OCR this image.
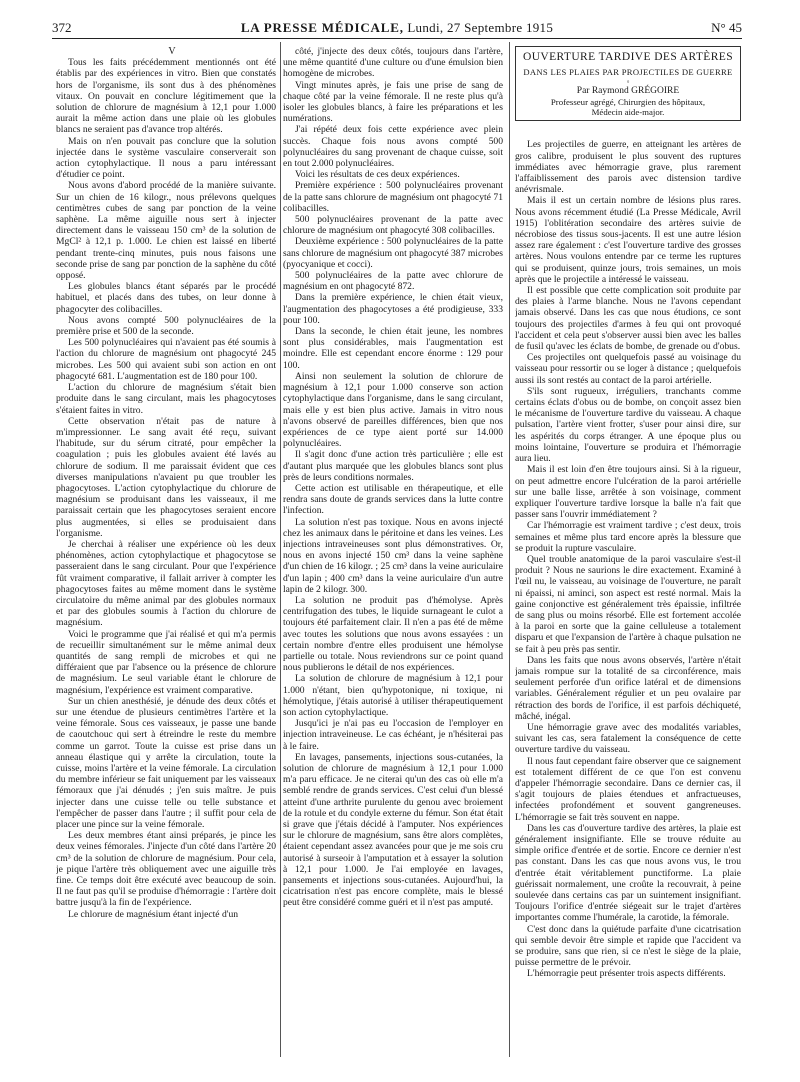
372	LA PRESSE MÉDICALE, Lundi, 27 Septembre 1915	N° 45

V

Tous les faits précédemment mentionnés ont été établis par des expériences in vitro. Bien que constatés hors de l'organisme, ils sont dus à des phénomènes vitaux. On pouvait en conclure légitimement que la solution de chlorure de magnésium à 12,1 pour 1.000 aurait la même action dans une plaie où les globules blancs ne seraient pas d'avance trop altérés.

Mais on n'en pouvait pas conclure que la solution injectée dans le système vasculaire conserverait son action cytophylactique. Il nous a paru intéressant d'étudier ce point.

Nous avons d'abord procédé de la manière suivante. Sur un chien de 16 kilogr., nous prélevons quelques centimètres cubes de sang par ponction de la veine saphène. La même aiguille nous sert à injecter directement dans le vaisseau 150 cm³ de la solution de MgCl² à 12,1 p. 1.000. Le chien est laissé en liberté pendant trente-cinq minutes, puis nous faisons une seconde prise de sang par ponction de la saphène du côté opposé.

Les globules blancs étant séparés par le procédé habituel, et placés dans des tubes, on leur donne à phagocyter des colibacilles.

Nous avons compté 500 polynucléaires de la première prise et 500 de la seconde.

Les 500 polynucléaires qui n'avaient pas été soumis à l'action du chlorure de magnésium ont phagocyté 245 microbes. Les 500 qui avaient subi son action en ont phagocyté 681. L'augmentation est de 180 pour 100.

L'action du chlorure de magnésium s'était bien produite dans le sang circulant, mais les phagocytoses s'étaient faites in vitro.

Cette observation n'était pas de nature à m'impressionner. Le sang avait été reçu, suivant l'habitude, sur du sérum citraté, pour empêcher la coagulation ; puis les globules avaient été lavés au chlorure de sodium. Il me paraissait évident que ces diverses manipulations n'avaient pu que troubler les phagocytoses. L'action cytophylactique du chlorure de magnésium se produisant dans les vaisseaux, il me paraissait certain que les phagocytoses seraient encore plus augmentées, si elles se produisaient dans l'organisme.

Je cherchai à réaliser une expérience où les deux phénomènes, action cytophylactique et phagocytose se passeraient dans le sang circulant. Pour que l'expérience fût vraiment comparative, il fallait arriver à compter les phagocytoses faites au même moment dans le système circulatoire du même animal par des globules normaux et par des globules soumis à l'action du chlorure de magnésium.

Voici le programme que j'ai réalisé et qui m'a permis de recueillir simultanément sur le même animal deux quantités de sang rempli de microbes et qui ne différaient que par l'absence ou la présence de chlorure de magnésium. Le seul variable étant le chlorure de magnésium, l'expérience est vraiment comparative.

Sur un chien anesthésié, je dénude des deux côtés et sur une étendue de plusieurs centimètres l'artère et la veine fémorale. Sous ces vaisseaux, je passe une bande de caoutchouc qui sert à étreindre le reste du membre comme un garrot. Toute la cuisse est prise dans un anneau élastique qui y arrête la circulation, toute la cuisse, moins l'artère et la veine fémorale. La circulation du membre inférieur se fait uniquement par les vaisseaux fémoraux que j'ai dénudés ; j'en suis maître. Je puis injecter dans une cuisse telle ou telle substance et l'empêcher de passer dans l'autre ; il suffit pour cela de placer une pince sur la veine fémorale.

Les deux membres étant ainsi préparés, je pince les deux veines fémorales. J'injecte d'un côté dans l'artère 20 cm³ de la solution de chlorure de magnésium. Pour cela, je pique l'artère très obliquement avec une aiguille très fine. Ce temps doit être exécuté avec beaucoup de soin. Il ne faut pas qu'il se produise d'hémorragie : l'artère doit battre jusqu'à la fin de l'expérience.

Le chlorure de magnésium étant injecté d'un

côté, j'injecte des deux côtés, toujours dans l'artère, une même quantité d'une culture ou d'une émulsion bien homogène de microbes.

Vingt minutes après, je fais une prise de sang de chaque côté par la veine fémorale. Il ne reste plus qu'à isoler les globules blancs, à faire les préparations et les numérations.

J'ai répété deux fois cette expérience avec plein succès. Chaque fois nous avons compté 500 polynucléaires du sang provenant de chaque cuisse, soit en tout 2.000 polynucléaires.

Voici les résultats de ces deux expériences.

Première expérience : 500 polynucléaires provenant de la patte sans chlorure de magnésium ont phagocyté 71 colibacilles.

500 polynucléaires provenant de la patte avec chlorure de magnésium ont phagocyté 308 colibacilles.

Deuxième expérience : 500 polynucléaires de la patte sans chlorure de magnésium ont phagocyté 387 microbes (pyocyanique et cocci).

500 polynucléaires de la patte avec chlorure de magnésium en ont phagocyté 872.

Dans la première expérience, le chien était vieux, l'augmentation des phagocytoses a été prodigieuse, 333 pour 100.

Dans la seconde, le chien était jeune, les nombres sont plus considérables, mais l'augmentation est moindre. Elle est cependant encore énorme : 129 pour 100.

Ainsi non seulement la solution de chlorure de magnésium à 12,1 pour 1.000 conserve son action cytophylactique dans l'organisme, dans le sang circulant, mais elle y est bien plus active. Jamais in vitro nous n'avons observé de pareilles différences, bien que nos expériences de ce type aient porté sur 14.000 polynucléaires.

Il s'agit donc d'une action très particulière ; elle est d'autant plus marquée que les globules blancs sont plus près de leurs conditions normales.

Cette action est utilisable en thérapeutique, et elle rendra sans doute de grands services dans la lutte contre l'infection.

La solution n'est pas toxique. Nous en avons injecté chez les animaux dans le péritoine et dans les veines. Les injections intraveineuses sont plus démonstratives. Or, nous en avons injecté 150 cm³ dans la veine saphène d'un chien de 16 kilogr. ; 25 cm³ dans la veine auriculaire d'un lapin ; 400 cm³ dans la veine auriculaire d'un autre lapin de 2 kilogr. 300.

La solution ne produit pas d'hémolyse. Après centrifugation des tubes, le liquide surnageant le culot a toujours été parfaitement clair. Il n'en a pas été de même avec toutes les solutions que nous avons essayées : un certain nombre d'entre elles produisent une hémolyse partielle ou totale. Nous reviendrons sur ce point quand nous publierons le détail de nos expériences.

La solution de chlorure de magnésium à 12,1 pour 1.000 n'étant, bien qu'hypotonique, ni toxique, ni hémolytique, j'étais autorisé à utiliser thérapeutiquement son action cytophylactique.

Jusqu'ici je n'ai pas eu l'occasion de l'employer en injection intraveineuse. Le cas échéant, je n'hésiterai pas à le faire.

En lavages, pansements, injections sous-cutanées, la solution de chlorure de magnésium à 12,1 pour 1.000 m'a paru efficace. Je ne citerai qu'un des cas où elle m'a semblé rendre de grands services. C'est celui d'un blessé atteint d'une arthrite purulente du genou avec broiement de la rotule et du condyle externe du fémur. Son état était si grave que j'étais décidé à l'amputer. Nos expériences sur le chlorure de magnésium, sans être alors complètes, étaient cependant assez avancées pour que je me sois cru autorisé à surseoir à l'amputation et à essayer la solution à 12,1 pour 1.000. Je l'ai employée en lavages, pansements et injections sous-cutanées. Aujourd'hui, la cicatrisation n'est pas encore complète, mais le blessé peut être considéré comme guéri et il n'est pas amputé.

OUVERTURE TARDIVE DES ARTÈRES
DANS LES PLAIES PAR PROJECTILES DE GUERRE
◦
Par Raymond GRÉGOIRE
Professeur agrégé, Chirurgien des hôpitaux,
Médecin aide-major.

Les projectiles de guerre, en atteignant les artères de gros calibre, produisent le plus souvent des ruptures immédiates avec hémorragie grave, plus rarement l'affaiblissement des parois avec distension tardive anévrismale.

Mais il est un certain nombre de lésions plus rares. Nous avons récemment étudié (La Presse Médicale, Avril 1915) l'oblitération secondaire des artères suivie de nécrobiose des tissus sous-jacents. Il est une autre lésion assez rare également : c'est l'ouverture tardive des grosses artères. Nous voulons entendre par ce terme les ruptures qui se produisent, quinze jours, trois semaines, un mois après que le projectile a intéressé le vaisseau.

Il est possible que cette complication soit produite par des plaies à l'arme blanche. Nous ne l'avons cependant jamais observé. Dans les cas que nous étudions, ce sont toujours des projectiles d'armes à feu qui ont provoqué l'accident et cela peut s'observer aussi bien avec les balles de fusil qu'avec les éclats de bombe, de grenade ou d'obus.

Ces projectiles ont quelquefois passé au voisinage du vaisseau pour ressortir ou se loger à distance ; quelquefois aussi ils sont restés au contact de la paroi artérielle.

S'ils sont rugueux, irréguliers, tranchants comme certains éclats d'obus ou de bombe, on conçoit assez bien le mécanisme de l'ouverture tardive du vaisseau. A chaque pulsation, l'artère vient frotter, s'user pour ainsi dire, sur les aspérités du corps étranger. A une époque plus ou moins lointaine, l'ouverture se produira et l'hémorragie aura lieu.

Mais il est loin d'en être toujours ainsi. Si à la rigueur, on peut admettre encore l'ulcération de la paroi artérielle sur une balle lisse, arrêtée à son voisinage, comment expliquer l'ouverture tardive lorsque la balle n'a fait que passer sans l'ouvrir immédiatement ?

Car l'hémorragie est vraiment tardive ; c'est deux, trois semaines et même plus tard encore après la blessure que se produit la rupture vasculaire.

Quel trouble anatomique de la paroi vasculaire s'est-il produit ? Nous ne saurions le dire exactement. Examiné à l'œil nu, le vaisseau, au voisinage de l'ouverture, ne paraît ni épaissi, ni aminci, son aspect est resté normal. Mais la gaine conjonctive est généralement très épaissie, infiltrée de sang plus ou moins résorbé. Elle est fortement accolée à la paroi en sorte que la gaine celluleuse a totalement disparu et que l'expansion de l'artère à chaque pulsation ne se fait à peu près pas sentir.

Dans les faits que nous avons observés, l'artère n'était jamais rompue sur la totalité de sa circonférence, mais seulement perforée d'un orifice latéral et de dimensions variables. Généralement régulier et un peu ovalaire par rétraction des bords de l'orifice, il est parfois déchiqueté, mâché, inégal.

Une hémorragie grave avec des modalités variables, suivant les cas, sera fatalement la conséquence de cette ouverture tardive du vaisseau.

Il nous faut cependant faire observer que ce saignement est totalement différent de ce que l'on est convenu d'appeler l'hémorragie secondaire. Dans ce dernier cas, il s'agit toujours de plaies étendues et anfractueuses, infectées profondément et souvent gangreneuses. L'hémorragie se fait très souvent en nappe.

Dans les cas d'ouverture tardive des artères, la plaie est généralement insignifiante. Elle se trouve réduite au simple orifice d'entrée et de sortie. Encore ce dernier n'est pas constant. Dans les cas que nous avons vus, le trou d'entrée était véritablement punctiforme. La plaie guérissait normalement, une croûte la recouvrait, à peine soulevée dans certains cas par un suintement insignifiant. Toujours l'orifice d'entrée siégeait sur le trajet d'artères importantes comme l'humérale, la carotide, la fémorale.

C'est donc dans la quiétude parfaite d'une cicatrisation qui semble devoir être simple et rapide que l'accident va se produire, sans que rien, si ce n'est le siège de la plaie, puisse permettre de le prévoir.

L'hémorragie peut présenter trois aspects différents.
